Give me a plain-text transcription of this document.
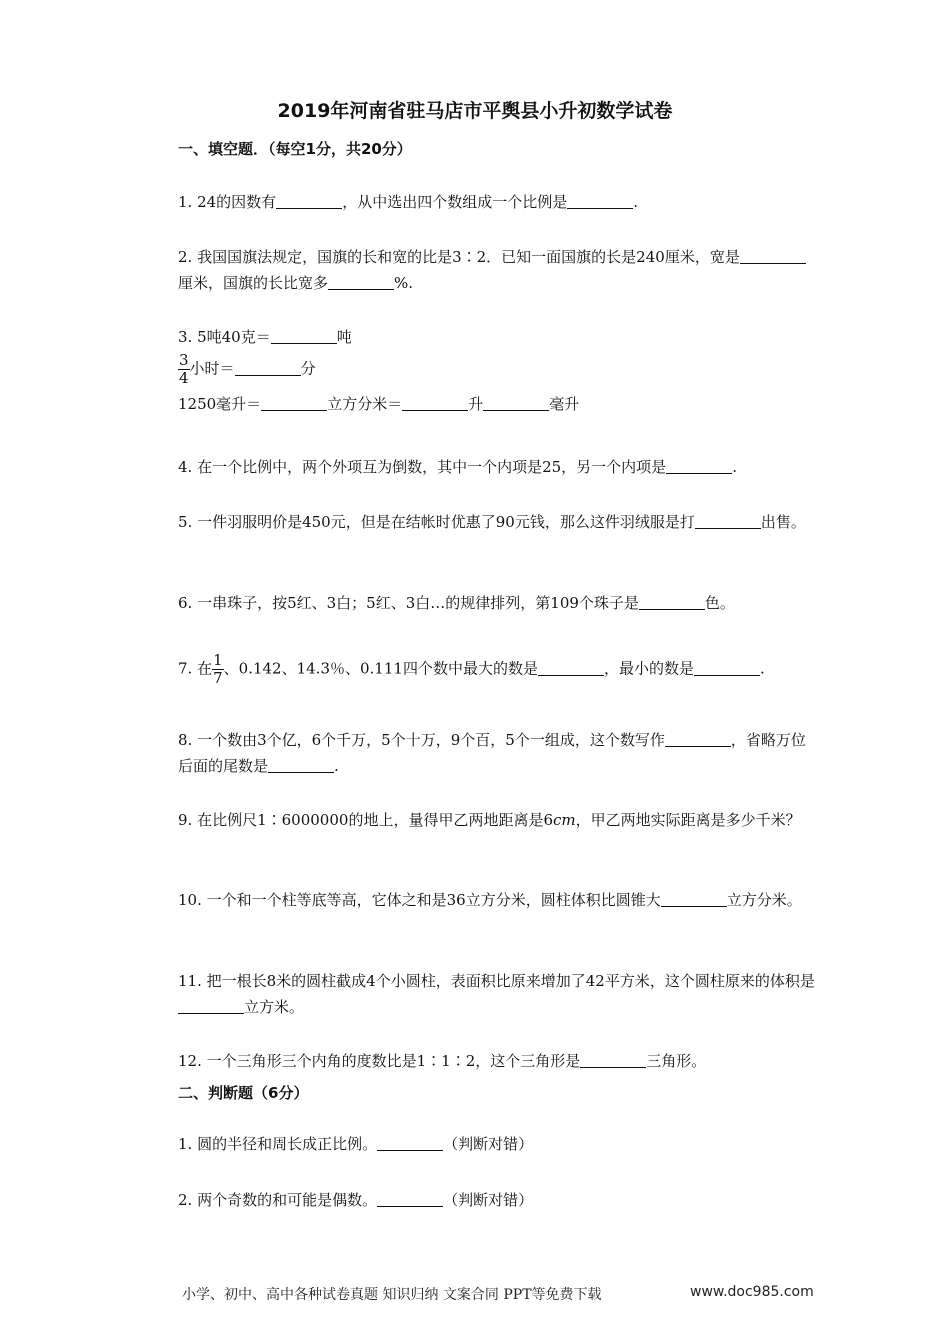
2019年河南省驻马店市平舆县小升初数学试卷
一、填空题．（每空1分，共20分）
1. 24的因数有	，从中选出四个数组成一个比例是	.
2. 我国国旗法规定，国旗的长和宽的比是3∶2．已知一面国旗的长是240厘米，宽是厘米，国旗的长比宽多	%.
3. 5吨40克＝	吨
$\frac{3}{4}$ 小时＝	分
1250毫升＝	立方分米＝	升	毫升
4. 在一个比例中，两个外项互为倒数，其中一个内项是25，另一个内项是	.
5. 一件羽服明价是450元，但是在结帐时优惠了90元钱，那么这件羽绒服是打	出售。
6. 一串珠子，按5红、3白；5红、3白…的规律排列，第109个珠子是	色。
7. 在 $\frac{1}{7}$ 、0.142、14.3％、0.111四个数中最大的数是	，最小的数是	.
8. 一个数由3个亿，6个千万，5个十万，9个百，5个一组成，这个数写作	，省略万位后面的尾数是	.
9. 在比例尺1∶6000000的地上，量得甲乙两地距离是6cm，甲乙两地实际距离是多少千米？
10. 一个和一个柱等底等高，它体之和是36立方分米，圆柱体积比圆锥大	立方分米。
11. 把一根长8米的圆柱截成4个小圆柱，表面积比原来增加了42平方米，这个圆柱原来的体积是立方米。
12. 一个三角形三个内角的度数比是1∶1∶2，这个三角形是	三角形。
二、判断题（6分）
1. 圆的半径和周长成正比例。	（判断对错）
2. 两个奇数的和可能是偶数。	（判断对错）
小学、初中、高中各种试卷真题 知识归纳 文案合同 PPT等免费下载	www.doc985.com
